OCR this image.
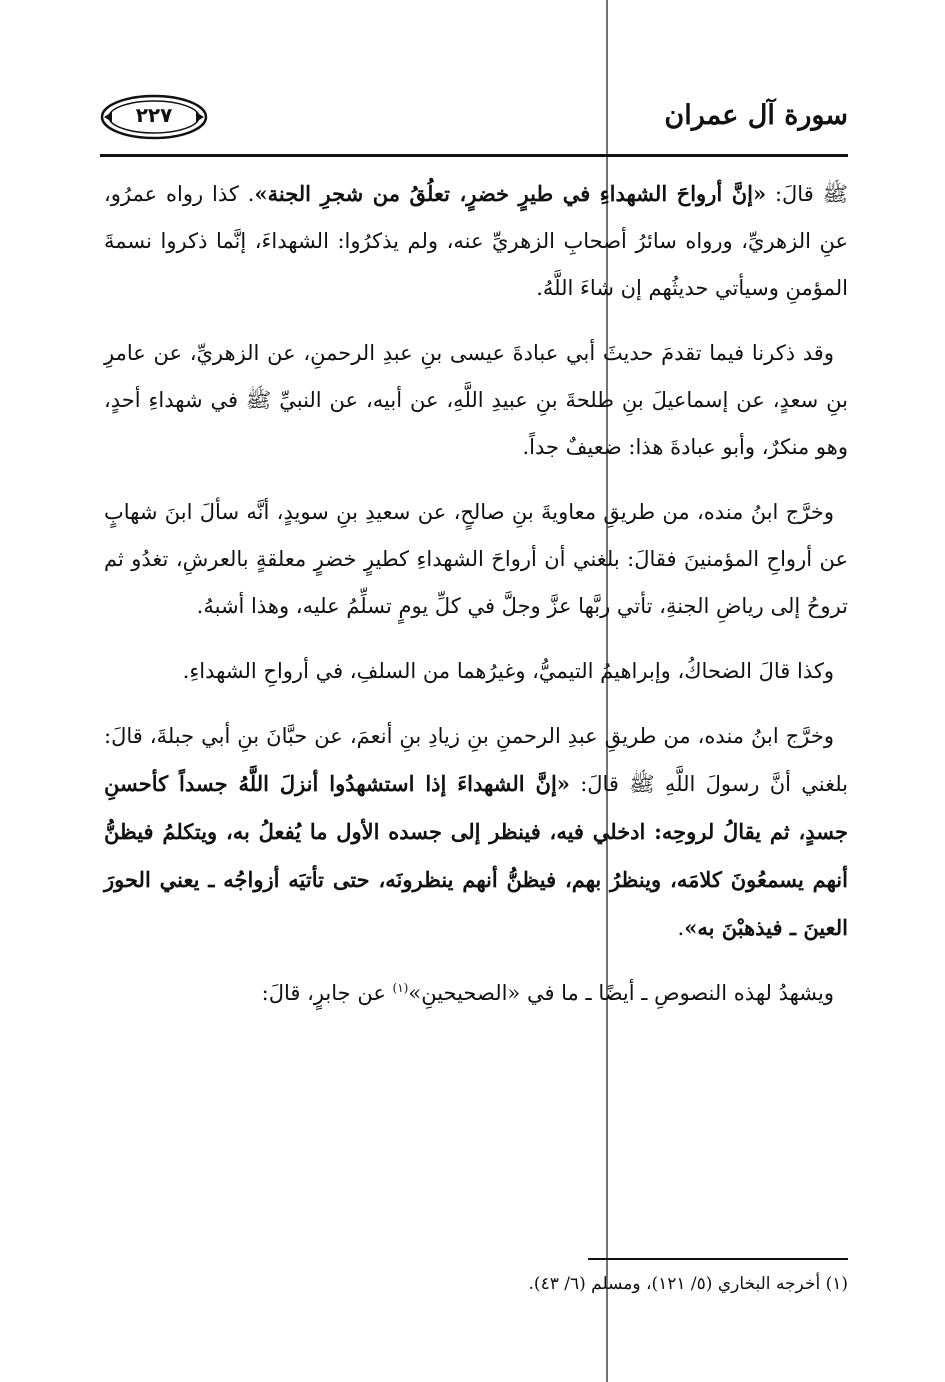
سورة آل عمران
٢٢٧

ﷺ قالَ: «إنَّ أرواحَ الشهداءِ في طيرٍ خضرٍ، تعلُقُ من شجرِ الجنة». كذا رواه عمرُو، عنِ الزهريِّ، ورواه سائرُ أصحابِ الزهريِّ عنه، ولم يذكرُوا: الشهداءَ، إنَّما ذكروا نسمةَ المؤمنِ وسيأتي حديثُهم إن شاءَ اللَّهُ.

وقد ذكرنا فيما تقدمَ حديثَ أبي عبادةَ عيسى بنِ عبدِ الرحمنِ، عن الزهريِّ، عن عامرِ بنِ سعدٍ، عن إسماعيلَ بنِ طلحةَ بنِ عبيدِ اللَّهِ، عن أبيه، عن النبيِّ ﷺ في شهداءِ أحدٍ، وهو منكرٌ، وأبو عبادةَ هذا: ضعيفٌ جداً.

وخرَّج ابنُ منده، من طريقِ معاويةَ بنِ صالحٍ، عن سعيدِ بنِ سويدٍ، أنَّه سألَ ابنَ شهابٍ عن أرواحِ المؤمنينَ فقالَ: بلغني أن أرواحَ الشهداءِ كطيرٍ خضرٍ معلقةٍ بالعرشِ، تغدُو ثم تروحُ إلى رياضِ الجنةِ، تأتي ربَّها عزَّ وجلَّ في كلِّ يومٍ تسلِّمُ عليه، وهذا أشبهُ.

وكذا قالَ الضحاكُ، وإبراهيمُ التيميُّ، وغيرُهما من السلفِ، في أرواحِ الشهداءِ.

وخرَّج ابنُ منده، من طريقِ عبدِ الرحمنِ بنِ زيادِ بنِ أنعمَ، عن حبَّانَ بنِ أبي جبلةَ، قالَ: بلغني أنَّ رسولَ اللَّهِ ﷺ قالَ: «إنَّ الشهداءَ إذا استشهدُوا أنزلَ اللَّهُ جسداً كأحسنِ جسدٍ، ثم يقالُ لروحِه: ادخلي فيه، فينظر إلى جسده الأول ما يُفعلُ به، ويتكلمُ فيظنُّ أنهم يسمعُونَ كلامَه، وينظرُ بهم، فيظنُّ أنهم ينظرونَه، حتى تأتيَه أزواجُه ـ يعني الحورَ العينَ ـ فيذهبْنَ به».

ويشهدُ لهذه النصوصِ ـ أيضًا ـ ما في «الصحيحينِ»$^{(١)}$ عن جابرٍ، قالَ:

(١) أخرجه البخاري (٥/ ١٢١)، ومسلم (٦/ ٤٣).
